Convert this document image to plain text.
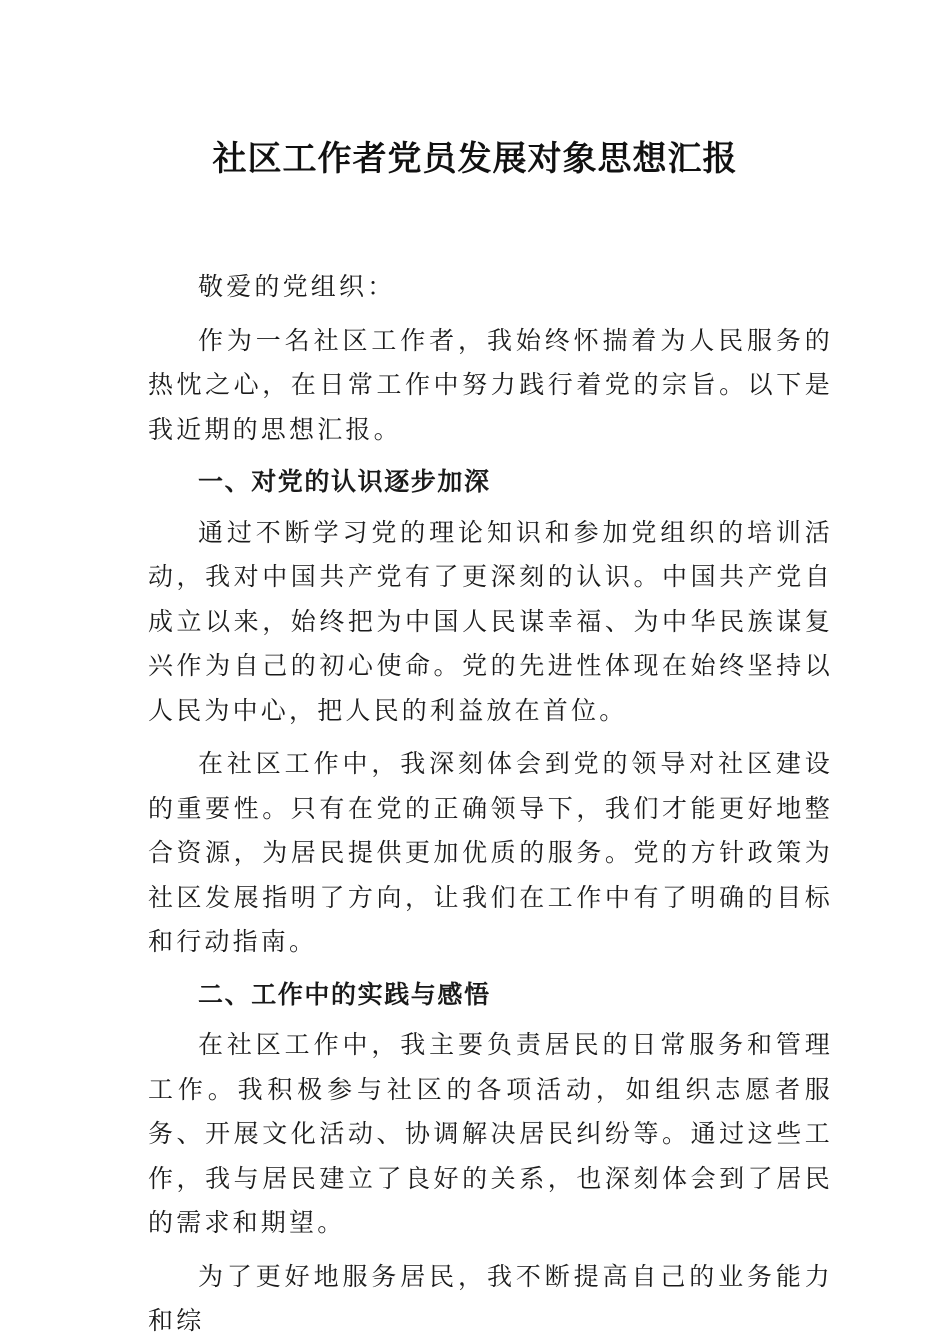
社区工作者党员发展对象思想汇报

敬爱的党组织：

作为一名社区工作者，我始终怀揣着为人民服务的热忱之心，在日常工作中努力践行着党的宗旨。以下是我近期的思想汇报。

一、对党的认识逐步加深

通过不断学习党的理论知识和参加党组织的培训活动，我对中国共产党有了更深刻的认识。中国共产党自成立以来，始终把为中国人民谋幸福、为中华民族谋复兴作为自己的初心使命。党的先进性体现在始终坚持以人民为中心，把人民的利益放在首位。

在社区工作中，我深刻体会到党的领导对社区建设的重要性。只有在党的正确领导下，我们才能更好地整合资源，为居民提供更加优质的服务。党的方针政策为社区发展指明了方向，让我们在工作中有了明确的目标和行动指南。

二、工作中的实践与感悟

在社区工作中，我主要负责居民的日常服务和管理工作。我积极参与社区的各项活动，如组织志愿者服务、开展文化活动、协调解决居民纠纷等。通过这些工作，我与居民建立了良好的关系，也深刻体会到了居民的需求和期望。

为了更好地服务居民，我不断提高自己的业务能力和综
